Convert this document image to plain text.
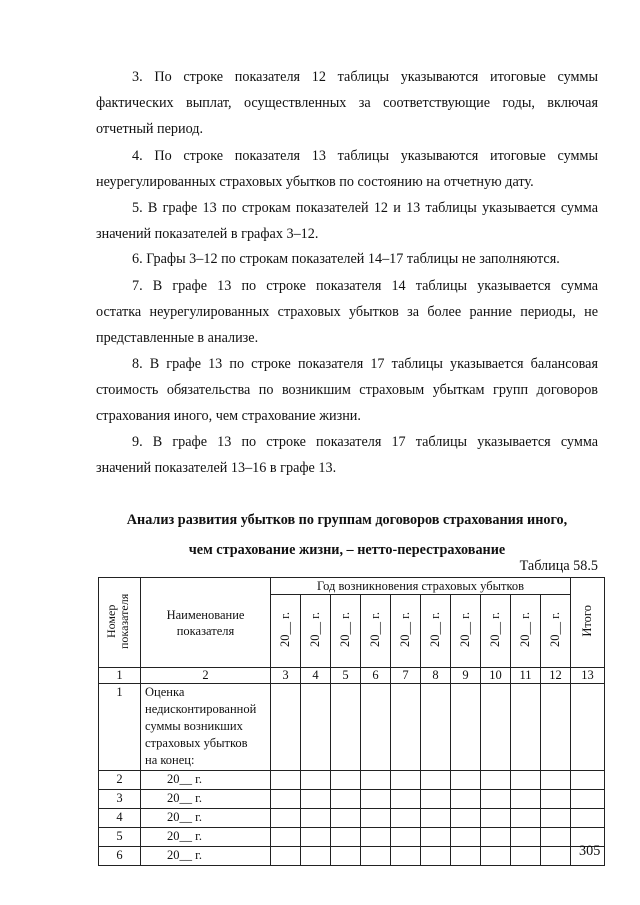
3. По строке показателя 12 таблицы указываются итоговые суммы
фактических выплат, осуществленных за соответствующие годы, включая
отчетный период.
4. По строке показателя 13 таблицы указываются итоговые суммы
неурегулированных страховых убытков по состоянию на отчетную дату.
5. В графе 13 по строкам показателей 12 и 13 таблицы указывается сумма
значений показателей в графах 3–12.
6. Графы 3–12 по строкам показателей 14–17 таблицы не заполняются.
7. В графе 13 по строке показателя 14 таблицы указывается сумма
остатка неурегулированных страховых убытков за более ранние периоды, не
представленные в анализе.
8. В графе 13 по строке показателя 17 таблицы указывается балансовая
стоимость обязательства по возникшим страховым убыткам групп договоров
страхования иного, чем страхование жизни.
9. В графе 13 по строке показателя 17 таблицы указывается сумма
значений показателей 13–16 в графе 13.
Анализ развития убытков по группам договоров страхования иного,
чем страхование жизни, – нетто-перестрахование
Таблица 58.5
Номер показателя	Наименование показателя	Год возникновения страховых убытков										Итого
		20__ г.	20__ г.	20__ г.	20__ г.	20__ г.	20__ г.	20__ г.	20__ г.	20__ г.	20__ г.	
1	2	3	4	5	6	7	8	9	10	11	12	13
1	Оценка
недисконтированной
суммы возникших
страховых убытков
на конец:											

2	20__ г.											

3	20__ г.											

4	20__ г.											

5	20__ г.											

6	20__ г.											
												305
